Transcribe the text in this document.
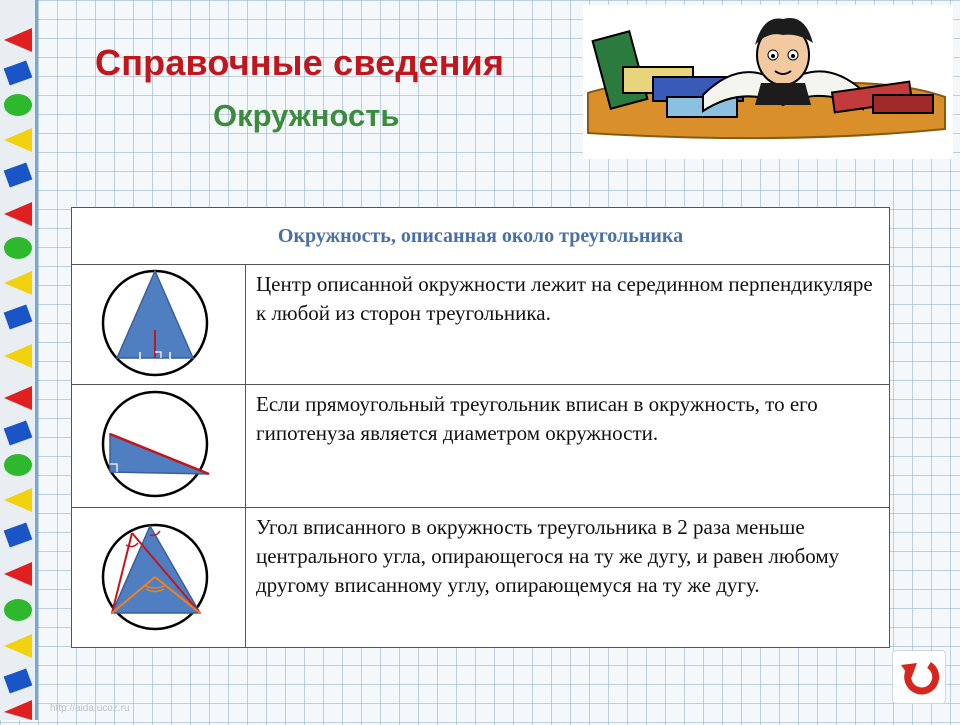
Справочные сведения
Окружность
Окружность, описанная около треугольника
Центр описанной окружности лежит на серединном перпендикуляре к любой из сторон треугольника.
Если прямоугольный треугольник вписан в окружность, то его гипотенуза является диаметром окружности.
Угол вписанного в окружность треугольника в 2 раза меньше центрального угла, опирающегося на ту же дугу, и равен любому другому вписанному углу, опирающемуся на ту же дугу.
http://aida.ucoz.ru
